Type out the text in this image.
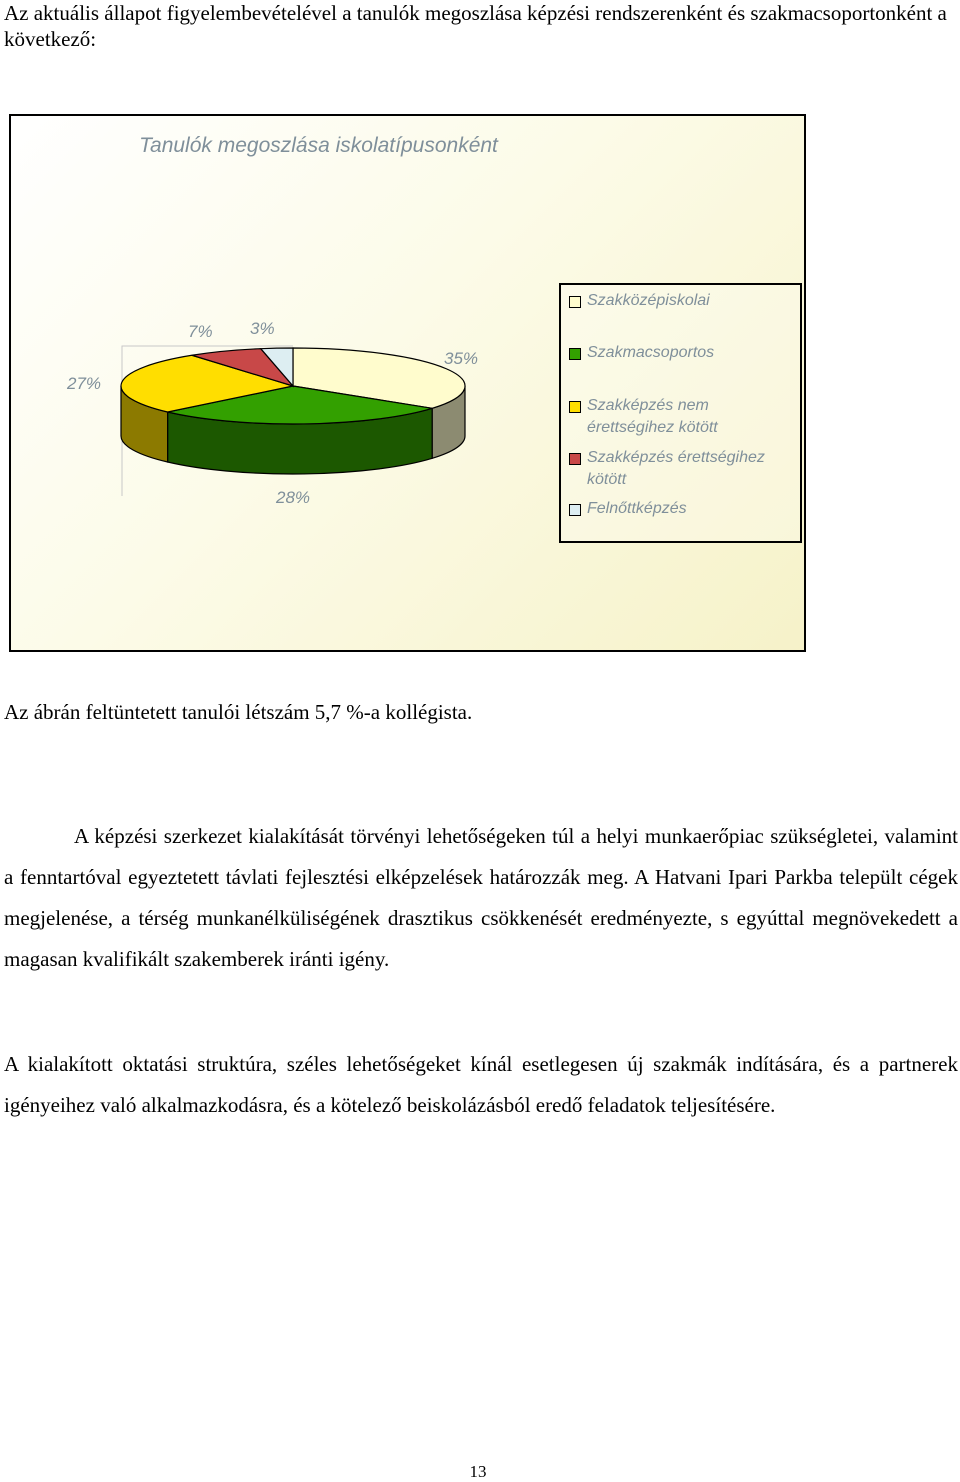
Az aktuális állapot figyelembevételével a tanulók megoszlása képzési rendszerenként és szakmacsoportonként a következő:

Tanulók megoszlása iskolatípusonként
35%
28%
27%
7% 3%
Szakközépiskolai
Szakmacsoportos
Szakképzés nem érettségihez kötött
Szakképzés érettségihez kötött
Felnőttképzés

Az ábrán feltüntetett tanulói létszám 5,7 %-a kollégista.

A képzési szerkezet kialakítását törvényi lehetőségeken túl a helyi munkaerőpiac szükségletei, valamint a fenntartóval egyeztetett távlati fejlesztési elképzelések határozzák meg. A Hatvani Ipari Parkba települt cégek megjelenése, a térség munkanélküliségének drasztikus csökkenését eredményezte, s egyúttal megnövekedett a magasan kvalifikált szakemberek iránti igény.

A kialakított oktatási struktúra, széles lehetőségeket kínál esetlegesen új szakmák indítására, és a partnerek igényeihez való alkalmazkodásra, és a kötelező beiskolázásból eredő feladatok teljesítésére.

13
